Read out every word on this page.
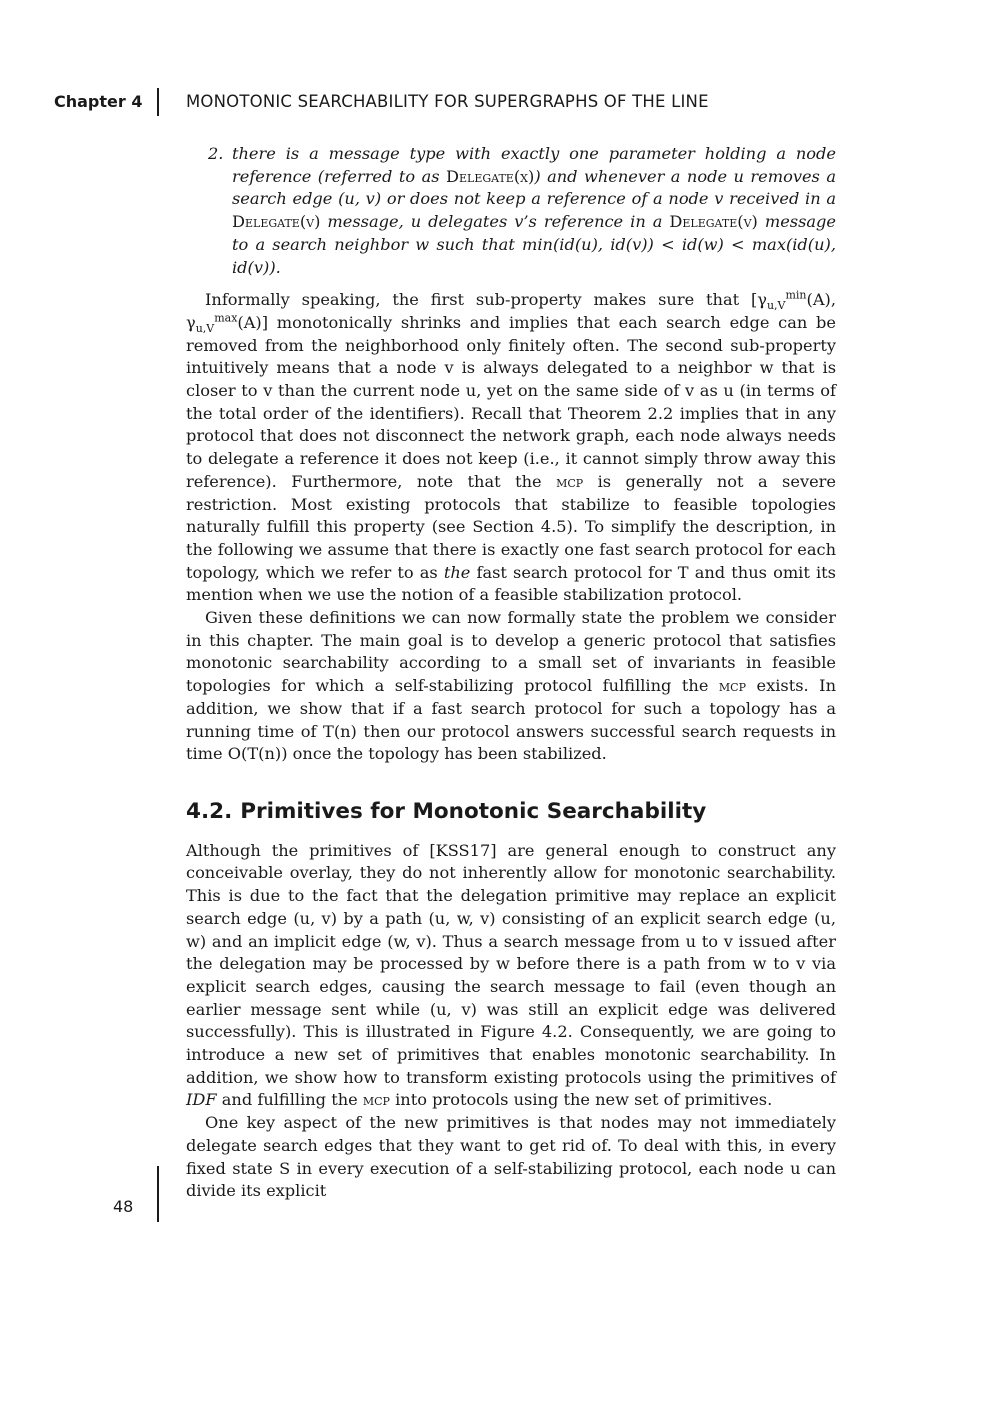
Chapter 4	MONOTONIC SEARCHABILITY FOR SUPERGRAPHS OF THE LINE
2. there is a message type with exactly one parameter holding a node reference (referred to as Delegate(x)) and whenever a node u removes a search edge (u, v) or does not keep a reference of a node v received in a Delegate(v) message, u delegates v’s reference in a Delegate(v) message to a search neighbor w such that min(id(u), id(v)) < id(w) < max(id(u), id(v)).

Informally speaking, the first sub-property makes sure that [$\gamma_{u,V}^{min}(A)$, $\gamma_{u,V}^{max}(A)$] monotonically shrinks and implies that each search edge can be removed from the neighborhood only finitely often. The second sub-property intuitively means that a node v is always delegated to a neighbor w that is closer to v than the current node u, yet on the same side of v as u (in terms of the total order of the identifiers). Recall that Theorem 2.2 implies that in any protocol that does not disconnect the network graph, each node always needs to delegate a reference it does not keep (i.e., it cannot simply throw away this reference). Furthermore, note that the mcp is generally not a severe restriction. Most existing protocols that stabilize to feasible topologies naturally fulfill this property (see Section 4.5). To simplify the description, in the following we assume that there is exactly one fast search protocol for each topology, which we refer to as the fast search protocol for T and thus omit its mention when we use the notion of a feasible stabilization protocol.

Given these definitions we can now formally state the problem we consider in this chapter. The main goal is to develop a generic protocol that satisfies monotonic searchability according to a small set of invariants in feasible topologies for which a self-stabilizing protocol fulfilling the mcp exists. In addition, we show that if a fast search protocol for such a topology has a running time of T(n) then our protocol answers successful search requests in time O(T(n)) once the topology has been stabilized.

4.2. Primitives for Monotonic Searchability

Although the primitives of [KSS17] are general enough to construct any conceivable overlay, they do not inherently allow for monotonic searchability. This is due to the fact that the delegation primitive may replace an explicit search edge (u, v) by a path (u, w, v) consisting of an explicit search edge (u, w) and an implicit edge (w, v). Thus a search message from u to v issued after the delegation may be processed by w before there is a path from w to v via explicit search edges, causing the search message to fail (even though an earlier message sent while (u, v) was still an explicit edge was delivered successfully). This is illustrated in Figure 4.2. Consequently, we are going to introduce a new set of primitives that enables monotonic searchability. In addition, we show how to transform existing protocols using the primitives of IDF and fulfilling the mcp into protocols using the new set of primitives.

One key aspect of the new primitives is that nodes may not immediately delegate search edges that they want to get rid of. To deal with this, in every fixed state S in every execution of a self-stabilizing protocol, each node u can divide its explicit

48
